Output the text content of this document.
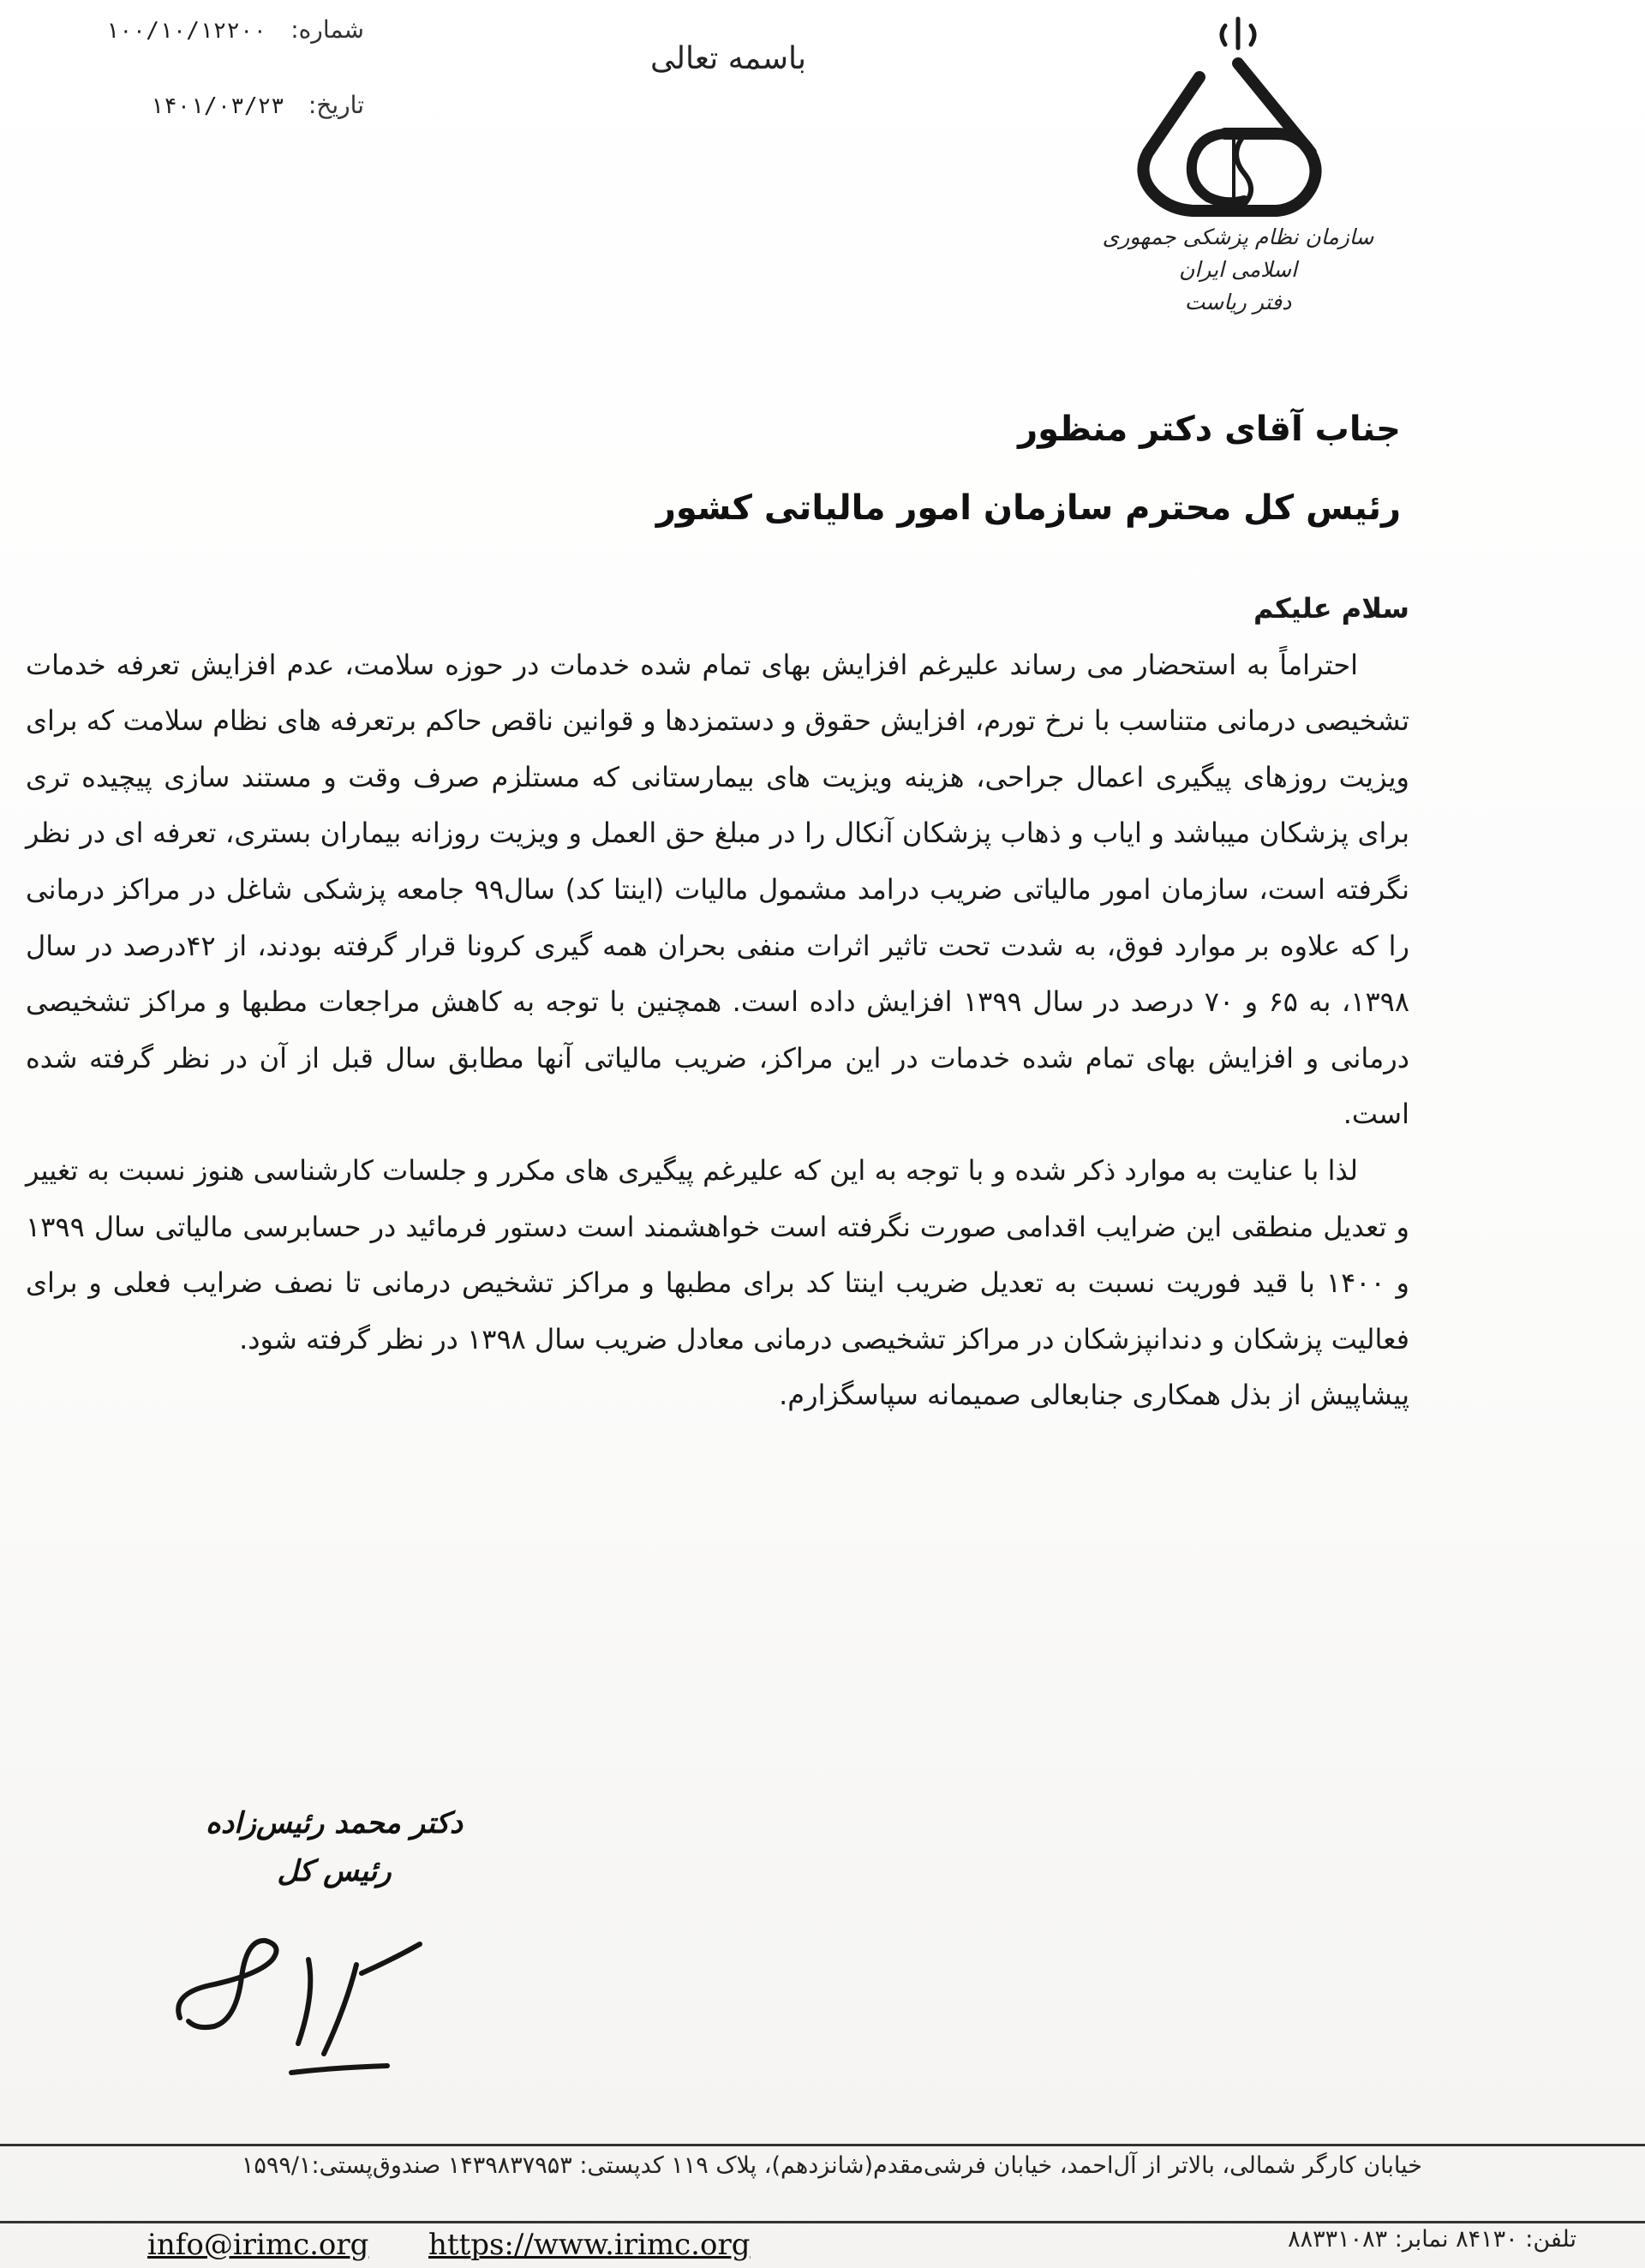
شماره:
۱۰۰/۱۰/۱۲۲۰۰
تاریخ:
۱۴۰۱/۰۳/۲۳
باسمه تعالی
سازمان نظام پزشکی جمهوری اسلامی ایران
دفتر ریاست
جناب آقای دکتر منظور
رئیس کل محترم سازمان امور مالیاتی کشور

سلام علیکم

احتراماً به استحضار می رساند علیرغم افزایش بهای تمام شده خدمات در حوزه سلامت، عدم افزایش تعرفه خدمات تشخیصی درمانی متناسب با نرخ تورم، افزایش حقوق و دستمزدها و قوانین ناقص حاکم برتعرفه های نظام سلامت که برای ویزیت روزهای پیگیری اعمال جراحی، هزینه ویزیت های بیمارستانی که مستلزم صرف وقت و مستند سازی پیچیده تری برای پزشکان میباشد و ایاب و ذهاب پزشکان آنکال را در مبلغ حق العمل و ویزیت روزانه بیماران بستری، تعرفه ای در نظر نگرفته است، سازمان امور مالیاتی ضریب درامد مشمول مالیات (اینتا کد) سال۹۹ جامعه پزشکی شاغل در مراکز درمانی را که علاوه بر موارد فوق، به شدت تحت تاثیر اثرات منفی بحران همه گیری کرونا قرار گرفته بودند، از ۴۲درصد در سال ۱۳۹۸، به ۶۵ و ۷۰ درصد در سال ۱۳۹۹ افزایش داده است. همچنین با توجه به کاهش مراجعات مطبها و مراکز تشخیصی درمانی و افزایش بهای تمام شده خدمات در این مراکز، ضریب مالیاتی آنها مطابق سال قبل از آن در نظر گرفته شده است.

لذا با عنایت به موارد ذکر شده و با توجه به این که علیرغم پیگیری های مکرر و جلسات کارشناسی هنوز نسبت به تغییر و تعدیل منطقی این ضرایب اقدامی صورت نگرفته است خواهشمند است دستور فرمائید در حسابرسی مالیاتی سال ۱۳۹۹ و ۱۴۰۰ با قید فوریت نسبت به تعدیل ضریب اینتا کد برای مطبها و مراکز تشخیص درمانی تا نصف ضرایب فعلی و برای فعالیت پزشکان و دندانپزشکان در مراکز تشخیصی درمانی معادل ضریب سال ۱۳۹۸ در نظر گرفته شود.

پیشاپیش از بذل همکاری جنابعالی صمیمانه سپاسگزارم.

دکتر محمد رئیس‌زاده
رئیس کل
خیابان کارگر شمالی، بالاتر از آل‌احمد، خیابان فرشی‌مقدم(شانزدهم)، پلاک ۱۱۹ کدپستی: ۱۴۳۹۸۳۷۹۵۳ صندوق‌پستی:۱۵۹۹/۱
info@irimc.org https://www.irimc.org	تلفن: ۸۴۱۳۰ نمابر: ۸۸۳۳۱۰۸۳
